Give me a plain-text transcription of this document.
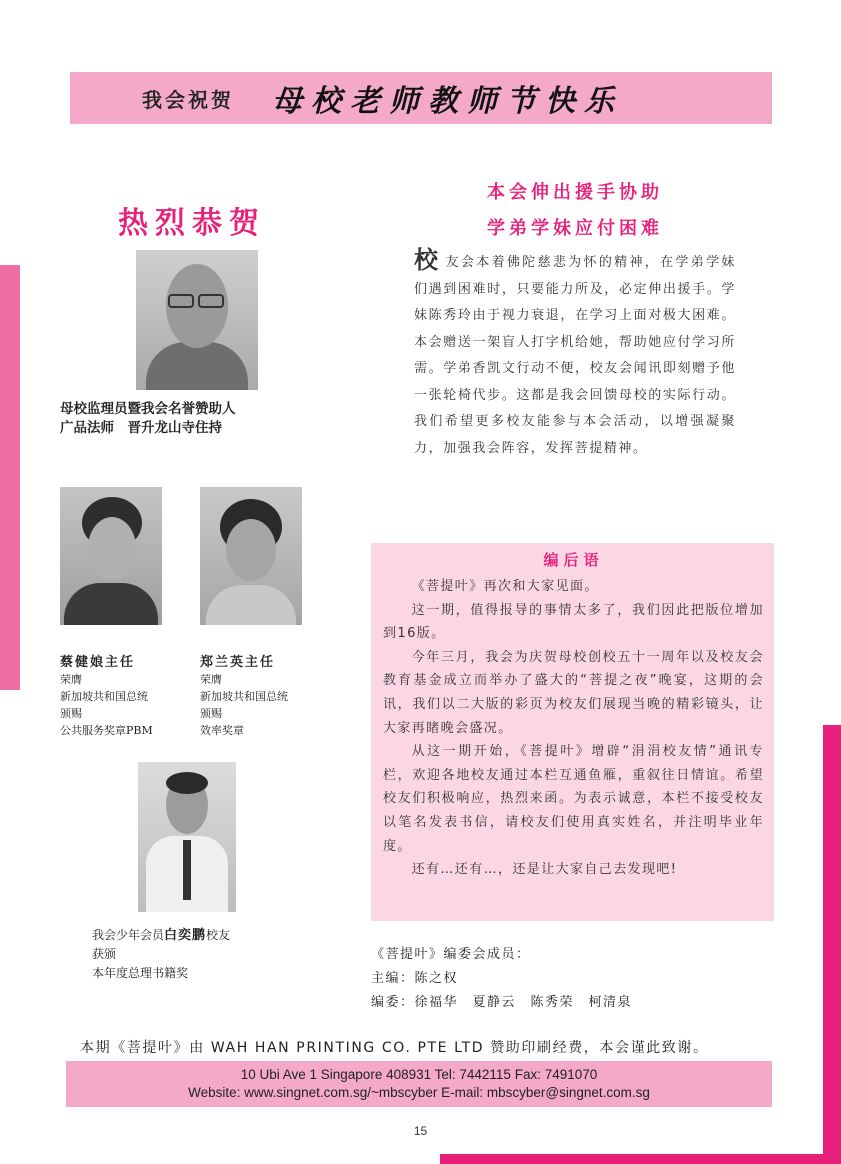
我会祝贺 母校老师教师节快乐
热烈恭贺
母校监理员暨我会名誉赞助人
广品法师　晋升龙山寺住持
蔡健娘主任
荣膺
新加坡共和国总统
颁赐
公共服务奖章PBM
郑兰英主任
荣膺
新加坡共和国总统
颁赐
效率奖章
我会少年会员白奕鹏校友
获颁
本年度总理书籍奖
本会伸出援手协助
学弟学妹应付困难
校友会本着佛陀慈悲为怀的精神，在学弟学妹们遇到困难时，只要能力所及，必定伸出援手。学妹陈秀玲由于视力衰退，在学习上面对极大困难。本会赠送一架盲人打字机给她，帮助她应付学习所需。学弟香凯文行动不便，校友会闻讯即刻赠予他一张轮椅代步。这都是我会回馈母校的实际行动。我们希望更多校友能参与本会活动，以增强凝聚力，加强我会阵容，发挥菩提精神。
编后语

《菩提叶》再次和大家见面。

这一期，值得报导的事情太多了，我们因此把版位增加到16版。

今年三月，我会为庆贺母校创校五十一周年以及校友会教育基金成立而举办了盛大的“菩提之夜”晚宴，这期的会讯，我们以二大版的彩页为校友们展现当晚的精彩镜头，让大家再睹晚会盛况。

从这一期开始，《菩提叶》增辟“涓涓校友情”通讯专栏，欢迎各地校友通过本栏互通鱼雁，重叙往日情谊。希望校友们积极响应，热烈来函。为表示诚意，本栏不接受校友以笔名发表书信，请校友们使用真实姓名，并注明毕业年度。

还有…还有…，还是让大家自己去发现吧!

《菩提叶》编委会成员：
主编：陈之权
编委：徐福华　夏静云　陈秀荣　柯清泉
本期《菩提叶》由 WAH HAN PRINTING CO. PTE LTD 赞助印刷经费，本会谨此致谢。
10 Ubi Ave 1 Singapore 408931 Tel: 7442115 Fax: 7491070
Website: www.singnet.com.sg/~mbscyber E-mail: mbscyber@singnet.com.sg
15
